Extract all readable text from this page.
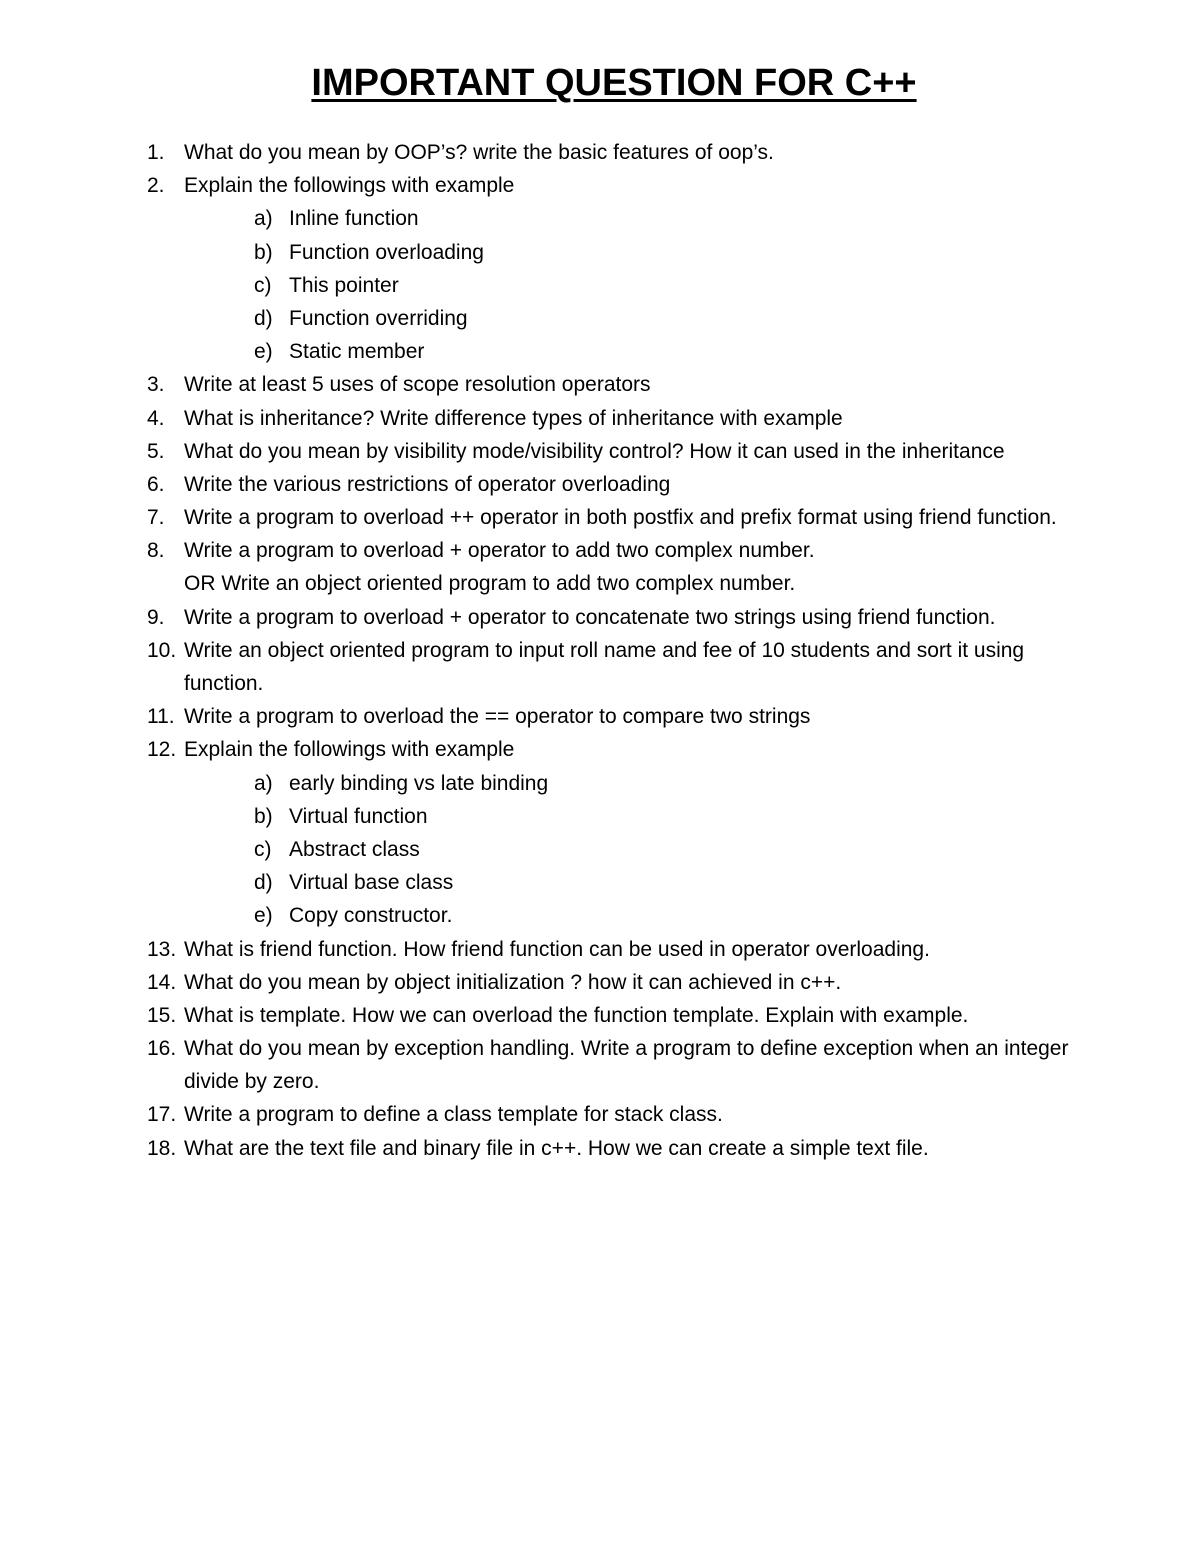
IMPORTANT QUESTION FOR C++
1. What do you mean by OOP’s? write the basic features of oop’s.
2. Explain the followings with example
a) Inline function
b) Function overloading
c) This pointer
d) Function overriding
e) Static member
3. Write at least 5 uses of scope resolution operators
4. What is inheritance? Write difference types of inheritance with example
5. What do you mean by visibility mode/visibility control? How it can used in the inheritance
6. Write the various restrictions of operator overloading
7. Write a program to overload ++ operator in both postfix and prefix format using friend function.
8. Write a program to overload + operator to add two complex number.
OR Write an object oriented program to add two complex number.
9. Write a program to overload + operator to concatenate two strings using friend function.
10. Write an object oriented program to input roll name and fee of 10 students and sort it using
function.
11. Write a program to overload the == operator to compare two strings
12. Explain the followings with example
a) early binding vs late binding
b) Virtual function
c) Abstract class
d) Virtual base class
e) Copy constructor.
13. What is friend function. How friend function can be used in operator overloading.
14. What do you mean by object initialization ? how it can achieved in c++.
15. What is template. How we can overload the function template. Explain with example.
16. What do you mean by exception handling. Write a program to define exception when an integer
divide by zero.
17. Write a program to define a class template for stack class.
18. What are the text file and binary file in c++. How we can create a simple text file.
